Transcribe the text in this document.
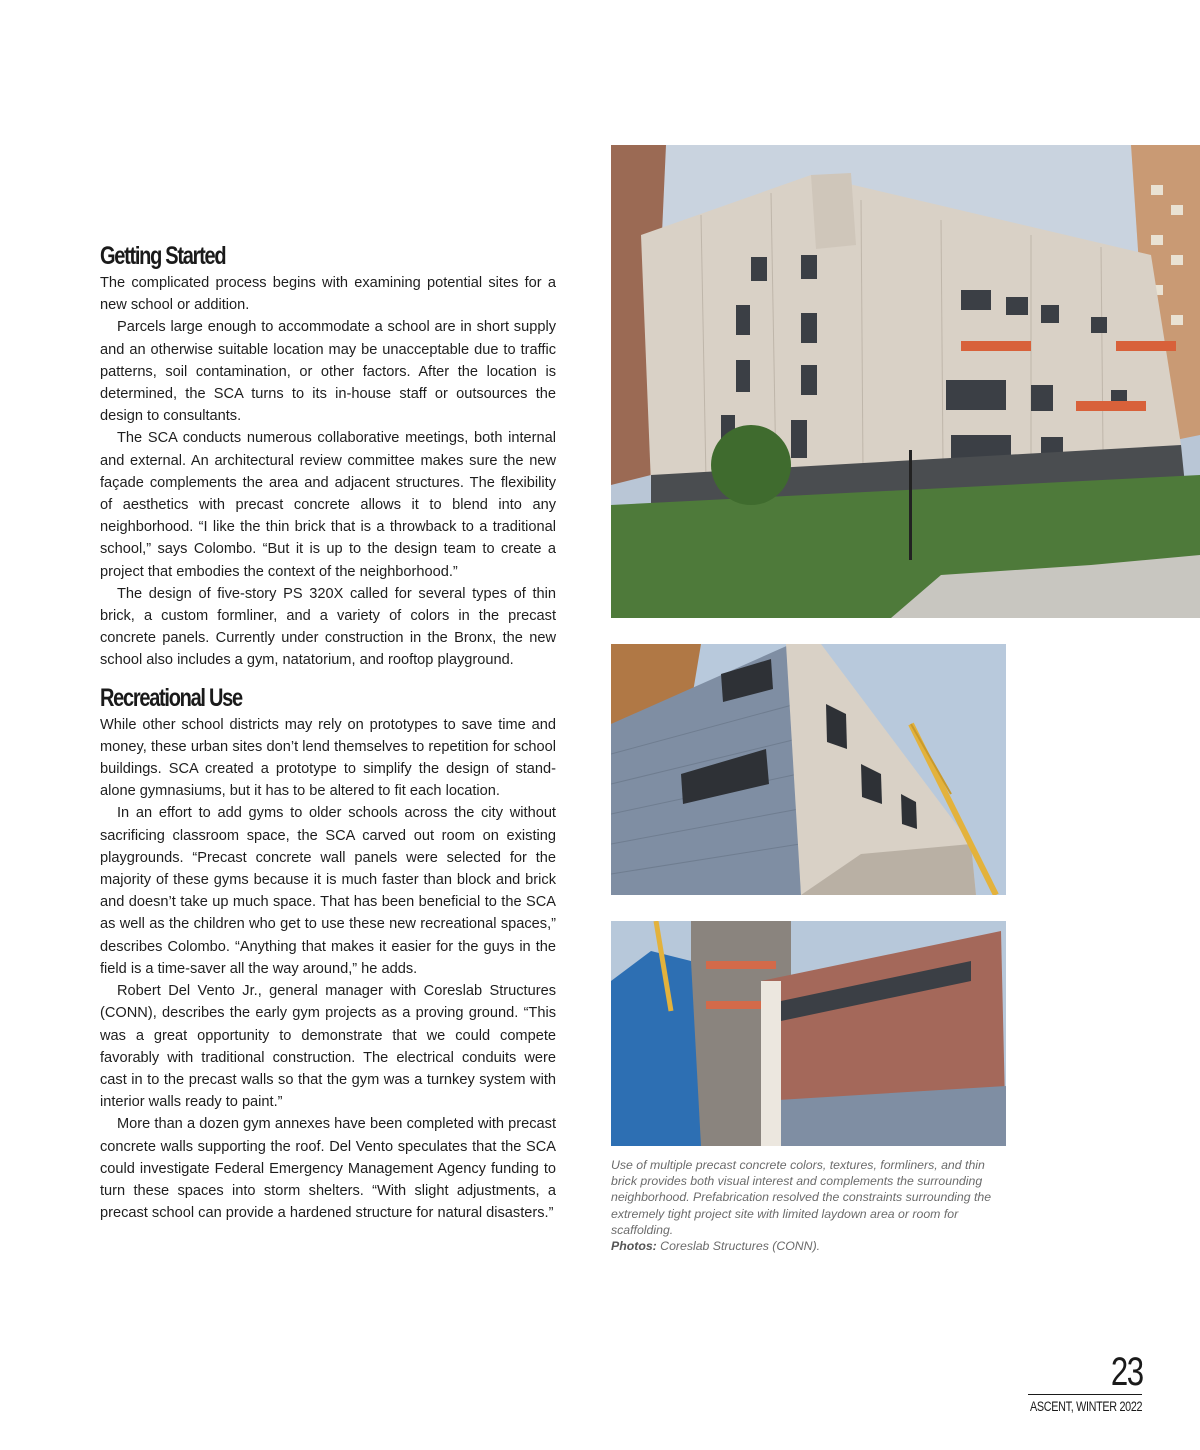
Getting Started

The complicated process begins with examining potential sites for a new school or addition.

Parcels large enough to accommodate a school are in short supply and an otherwise suitable location may be unacceptable due to traffic patterns, soil contamination, or other factors. After the location is determined, the SCA turns to its in-house staff or outsources the design to consultants.

The SCA conducts numerous collaborative meetings, both internal and external. An architectural review committee makes sure the new façade complements the area and adjacent structures. The flexibility of aesthetics with precast concrete allows it to blend into any neighborhood. “I like the thin brick that is a throwback to a traditional school,” says Colombo. “But it is up to the design team to create a project that embodies the context of the neighborhood.”

The design of five-story PS 320X called for several types of thin brick, a custom formliner, and a variety of colors in the precast concrete panels. Currently under construction in the Bronx, the new school also includes a gym, natatorium, and rooftop playground.

Recreational Use

While other school districts may rely on prototypes to save time and money, these urban sites don’t lend themselves to repetition for school buildings. SCA created a prototype to simplify the design of stand-alone gymnasiums, but it has to be altered to fit each location.

In an effort to add gyms to older schools across the city without sacrificing classroom space, the SCA carved out room on existing playgrounds. “Precast concrete wall panels were selected for the majority of these gyms because it is much faster than block and brick and doesn’t take up much space. That has been beneficial to the SCA as well as the children who get to use these new recreational spaces,” describes Colombo. “Anything that makes it easier for the guys in the field is a time-saver all the way around,” he adds.

Robert Del Vento Jr., general manager with Coreslab Structures (CONN), describes the early gym projects as a proving ground. “This was a great opportunity to demonstrate that we could compete favorably with traditional construction. The electrical conduits were cast in to the precast walls so that the gym was a turnkey system with interior walls ready to paint.”

More than a dozen gym annexes have been completed with precast concrete walls supporting the roof. Del Vento speculates that the SCA could investigate Federal Emergency Management Agency funding to turn these spaces into storm shelters. “With slight adjustments, a precast school can provide a hardened structure for natural disasters.”

Use of multiple precast concrete colors, textures, formliners, and thin brick provides both visual interest and complements the surrounding neighborhood. Prefabrication resolved the constraints surrounding the extremely tight project site with limited laydown area or room for scaffolding.
Photos: Coreslab Structures (CONN).
23
ASCENT, WINTER 2022
